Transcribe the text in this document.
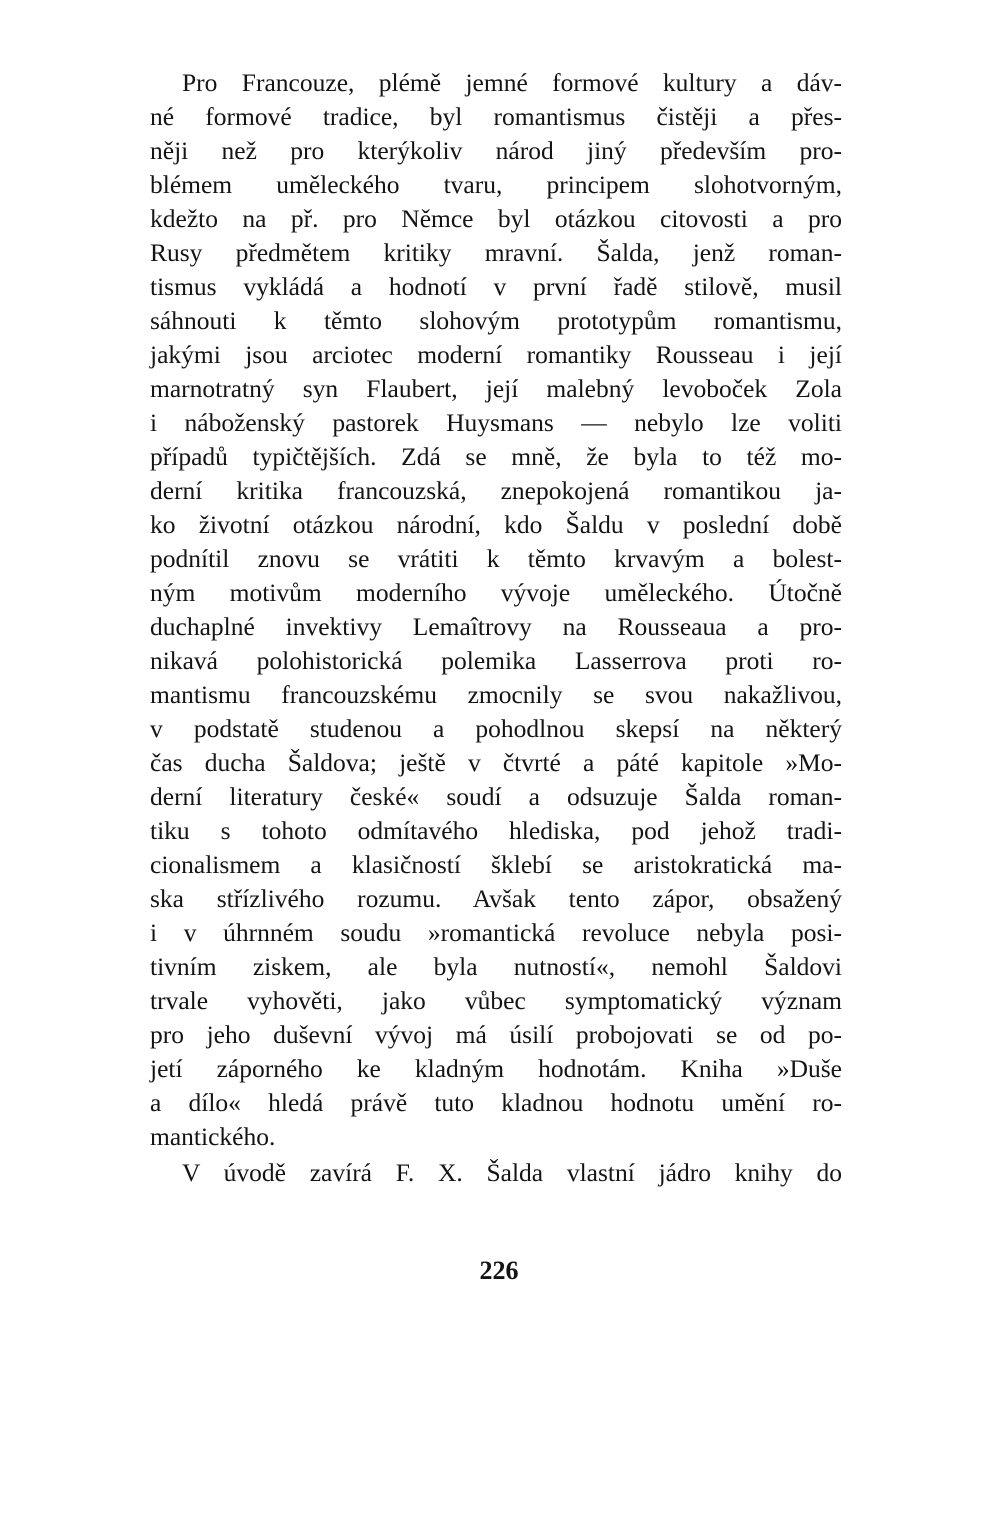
Pro Francouze, plémě jemné formové kultury a dáv-
né formové tradice, byl romantismus čistěji a přes-
něji než pro kterýkoliv národ jiný především pro-
blémem uměleckého tvaru, principem slohotvorným,
kdežto na př. pro Němce byl otázkou citovosti a pro
Rusy předmětem kritiky mravní. Šalda, jenž roman-
tismus vykládá a hodnotí v první řadě stilově, musil
sáhnouti k těmto slohovým prototypům romantismu,
jakými jsou arciotec moderní romantiky Rousseau i její
marnotratný syn Flaubert, její malebný levoboček Zola
i náboženský pastorek Huysmans — nebylo lze voliti
případů typičtějších. Zdá se mně, že byla to též mo-
derní kritika francouzská, znepokojená romantikou ja-
ko životní otázkou národní, kdo Šaldu v poslední době
podnítil znovu se vrátiti k těmto krvavým a bolest-
ným motivům moderního vývoje uměleckého. Útočně
duchaplné invektivy Lemaîtrovy na Rousseaua a pro-
nikavá polohistorická polemika Lasserrova proti ro-
mantismu francouzskému zmocnily se svou nakažlivou,
v podstatě studenou a pohodlnou skepsí na některý
čas ducha Šaldova; ještě v čtvrté a páté kapitole »Mo-
derní literatury české« soudí a odsuzuje Šalda roman-
tiku s tohoto odmítavého hlediska, pod jehož tradi-
cionalismem a klasičností šklebí se aristokratická ma-
ska střízlivého rozumu. Avšak tento zápor, obsažený
i v úhrnném soudu »romantická revoluce nebyla posi-
tivním ziskem, ale byla nutností«, nemohl Šaldovi
trvale vyhověti, jako vůbec symptomatický význam
pro jeho duševní vývoj má úsilí probojovati se od po-
jetí záporného ke kladným hodnotám. Kniha »Duše
a dílo« hledá právě tuto kladnou hodnotu umění ro-
mantického.
V úvodě zavírá F. X. Šalda vlastní jádro knihy do
226
